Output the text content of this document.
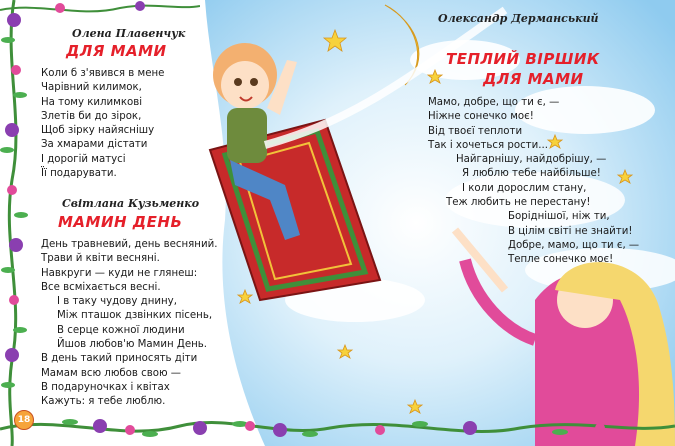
Олена Плавенчук
ДЛЯ МАМИ
Коли б з'явився в мене
Чарівний килимок,
На тому килимкові
Злетів би до зірок,
Щоб зірку найяснішу
За хмарами дістати
І дорогій матусі
Її подарувати.
Світлана Кузьменко
МАМИН ДЕНЬ
День травневий, день весняний.
Трави й квіти весняні.
Навкруги — куди не глянеш:
Все всміхається весні.
І в таку чудову днину,
Між пташок дзвінких пісень,
В серце кожної людини
Йшов любов'ю Мамин День.
В день такий приносять діти
Мамам всю любов свою —
В подаруночках і квітах
Кажуть: я тебе люблю.
Олександр Дерманський
ТЕПЛИЙ ВІРШИК
ДЛЯ МАМИ
Мамо, добре, що ти є, —
Ніжне сонечко моє!
Від твоєї теплоти
Так і хочеться рости...
Найгарнішу, найдобрішу, —
Я люблю тебе найбільше!
І коли дорослим стану,
Теж любить не перестану!
Боріднішої, ніж ти,
В цілім світі не знайти!
Добре, мамо, що ти є, —
Тепле сонечко моє!
18
